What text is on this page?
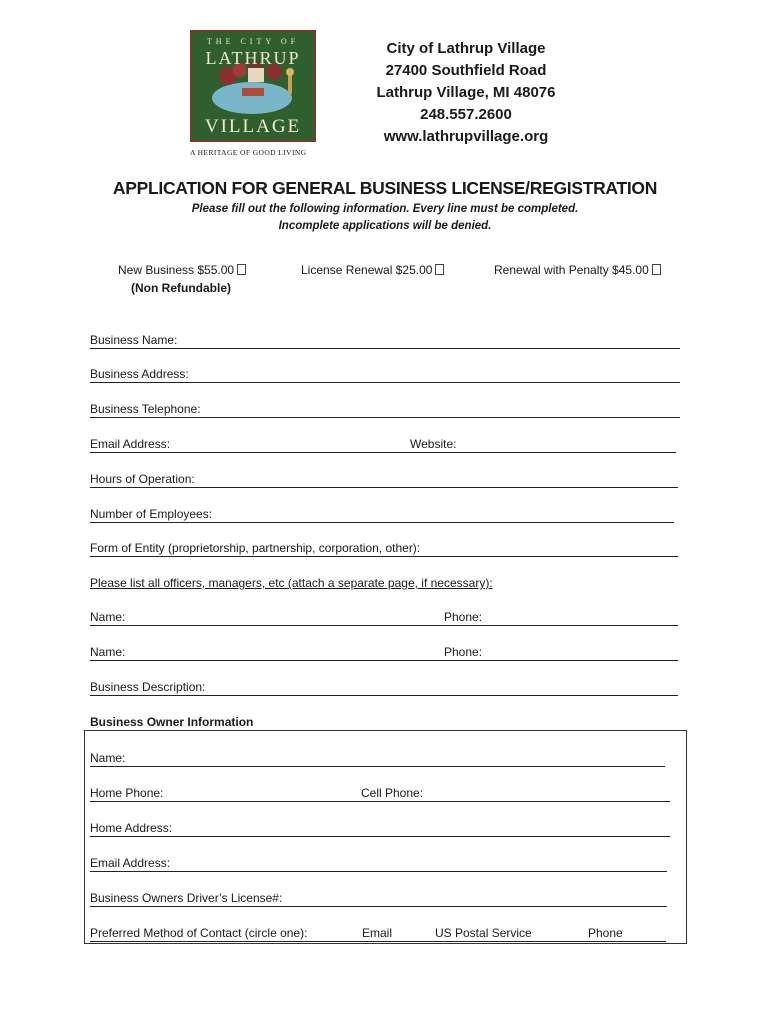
THE CITY OF
LATHRUP
VILLAGE
A HERITAGE OF GOOD LIVING
City of Lathrup Village
27400 Southfield Road
Lathrup Village, MI 48076
248.557.2600
www.lathrupvillage.org
APPLICATION FOR GENERAL BUSINESS LICENSE/REGISTRATION
Please fill out the following information. Every line must be completed.
Incomplete applications will be denied.
New Business $55.00
(Non Refundable)
License Renewal $25.00	Renewal with Penalty $45.00
Business Name:
Business Address:
Business Telephone:
Email Address:	Website:
Hours of Operation:
Number of Employees:
Form of Entity (proprietorship, partnership, corporation, other):
Please list all officers, managers, etc (attach a separate page, if necessary):
Name:	Phone:
Name:	Phone:
Business Description:
Business Owner Information
Name:
Home Phone:	Cell Phone:
Home Address:
Email Address:
Business Owners Driver’s License#:
Preferred Method of Contact (circle one):	Email	US Postal Service	Phone
